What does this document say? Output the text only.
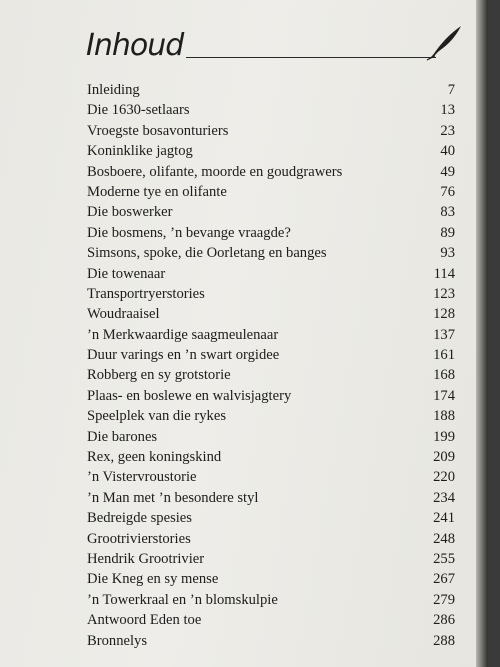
Inhoud
Inleiding	7
Die 1630-setlaars	13
Vroegste bosavonturiers	23
Koninklike jagtog	40
Bosboere, olifante, moorde en goudgrawers	49
Moderne tye en olifante	76
Die boswerker	83
Die bosmens, ’n bevange vraagde?	89
Simsons, spoke, die Oorletang en banges	93
Die towenaar	114
Transportryerstories	123
Woudraaisel	128
’n Merkwaardige saagmeulenaar	137
Duur varings en ’n swart orgidee	161
Robberg en sy grotstorie	168
Plaas- en boslewe en walvisjagtery	174
Speelplek van die rykes	188
Die barones	199
Rex, geen koningskind	209
’n Vistervroustorie	220
’n Man met ’n besondere styl	234
Bedreigde spesies	241
Grootrivierstories	248
Hendrik Grootrivier	255
Die Kneg en sy mense	267
’n Towerkraal en ’n blomskulpie	279
Antwoord Eden toe	286
Bronnelys	288
